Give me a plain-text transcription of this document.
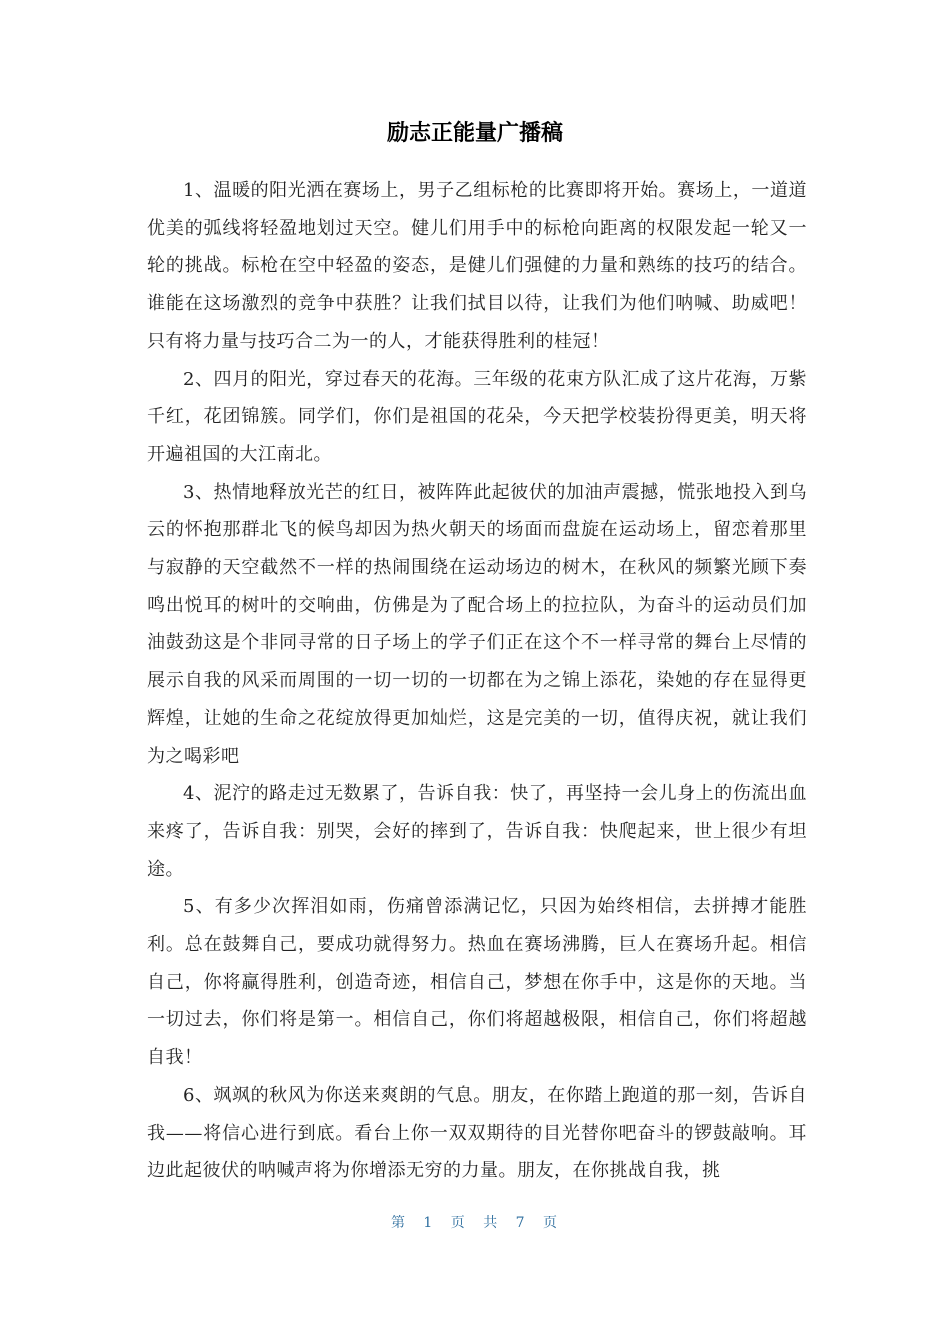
励志正能量广播稿

1、温暖的阳光洒在赛场上，男子乙组标枪的比赛即将开始。赛场上，一道道优美的弧线将轻盈地划过天空。健儿们用手中的标枪向距离的权限发起一轮又一轮的挑战。标枪在空中轻盈的姿态，是健儿们强健的力量和熟练的技巧的结合。谁能在这场激烈的竞争中获胜？让我们拭目以待，让我们为他们呐喊、助威吧！只有将力量与技巧合二为一的人，才能获得胜利的桂冠！

2、四月的阳光，穿过春天的花海。三年级的花束方队汇成了这片花海，万紫千红，花团锦簇。同学们，你们是祖国的花朵，今天把学校装扮得更美，明天将开遍祖国的大江南北。

3、热情地释放光芒的红日，被阵阵此起彼伏的加油声震撼，慌张地投入到乌云的怀抱那群北飞的候鸟却因为热火朝天的场面而盘旋在运动场上，留恋着那里与寂静的天空截然不一样的热闹围绕在运动场边的树木，在秋风的频繁光顾下奏鸣出悦耳的树叶的交响曲，仿佛是为了配合场上的拉拉队，为奋斗的运动员们加油鼓劲这是个非同寻常的日子场上的学子们正在这个不一样寻常的舞台上尽情的展示自我的风采而周围的一切一切的一切都在为之锦上添花，染她的存在显得更辉煌，让她的生命之花绽放得更加灿烂，这是完美的一切，值得庆祝，就让我们为之喝彩吧

4、泥泞的路走过无数累了，告诉自我：快了，再坚持一会儿身上的伤流出血来疼了，告诉自我：别哭，会好的摔到了，告诉自我：快爬起来，世上很少有坦途。

5、有多少次挥泪如雨，伤痛曾添满记忆，只因为始终相信，去拼搏才能胜利。总在鼓舞自己，要成功就得努力。热血在赛场沸腾，巨人在赛场升起。相信自己，你将赢得胜利，创造奇迹，相信自己，梦想在你手中，这是你的天地。当一切过去，你们将是第一。相信自己，你们将超越极限，相信自己，你们将超越自我！

6、飒飒的秋风为你送来爽朗的气息。朋友，在你踏上跑道的那一刻，告诉自我——将信心进行到底。看台上你一双双期待的目光替你吧奋斗的锣鼓敲响。耳边此起彼伏的呐喊声将为你增添无穷的力量。朋友，在你挑战自我，挑

第 1 页 共 7 页
